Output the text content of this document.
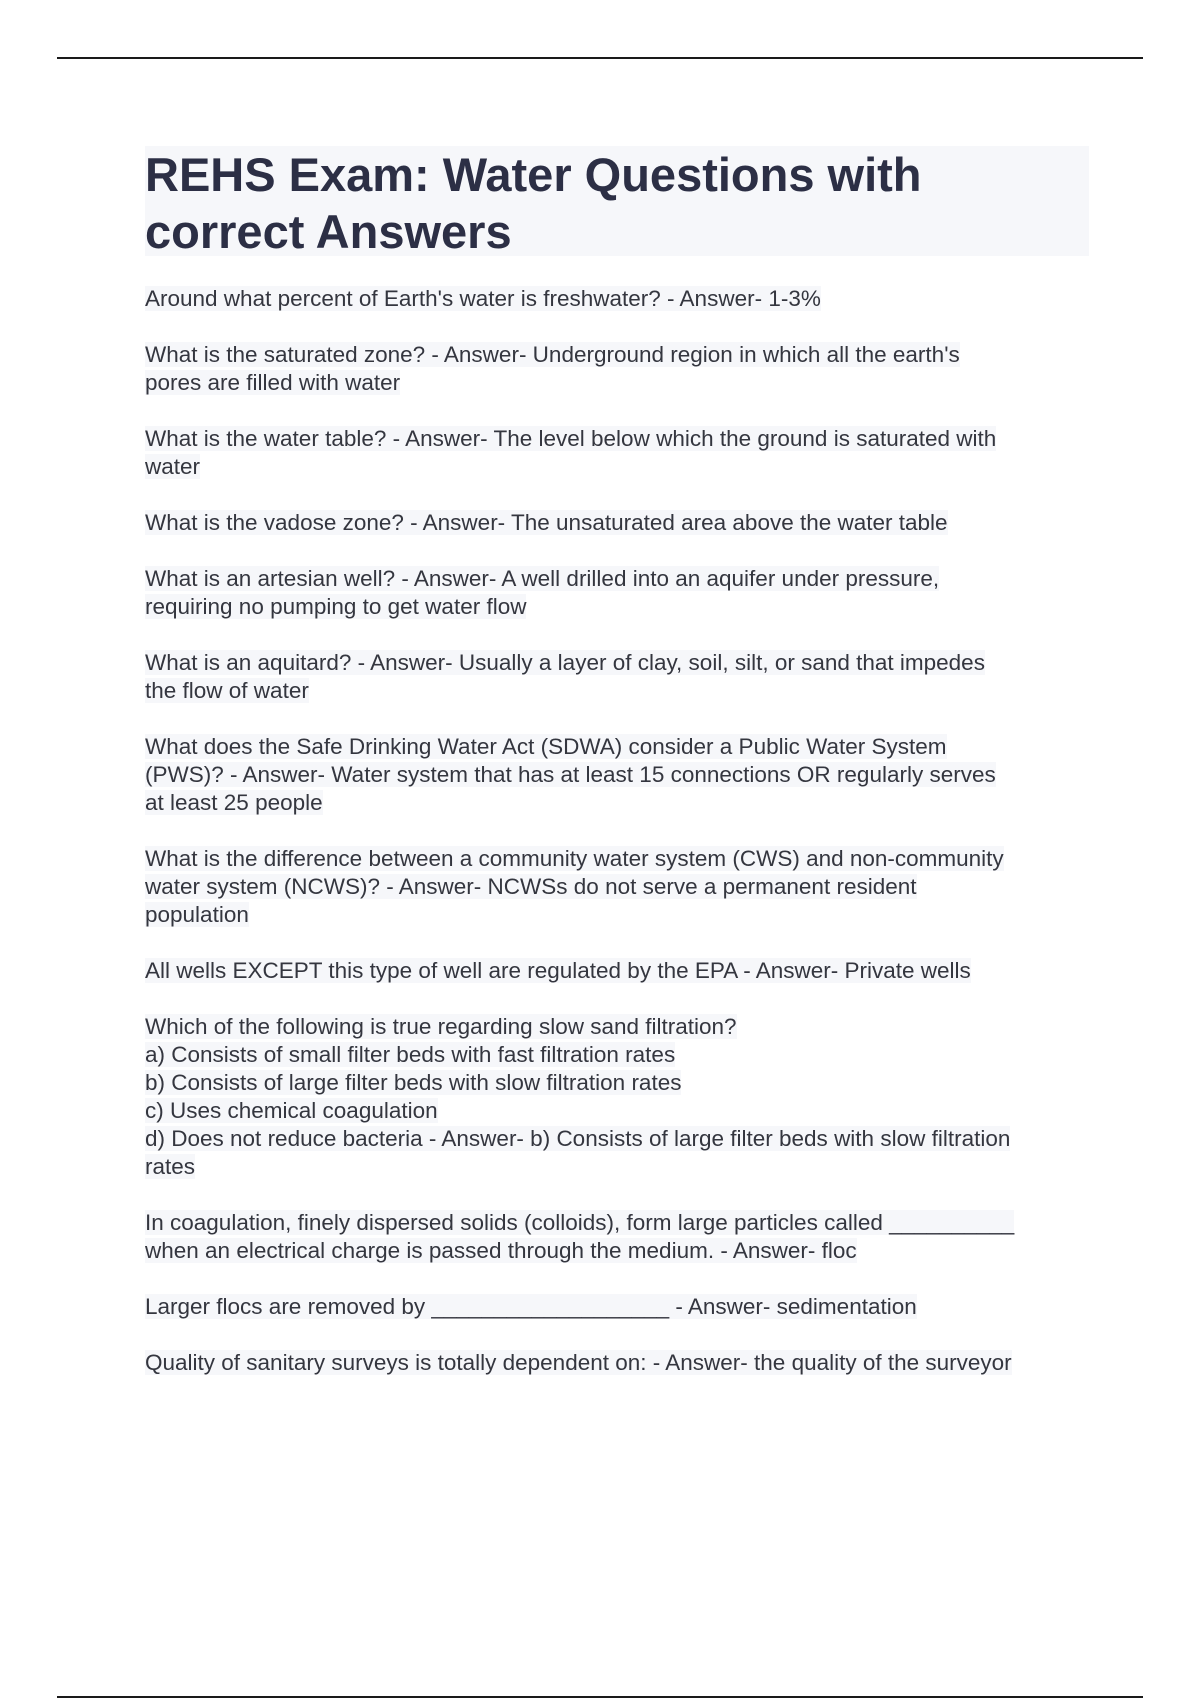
REHS Exam: Water Questions with correct Answers

Around what percent of Earth's water is freshwater? - Answer- 1-3%

What is the saturated zone? - Answer- Underground region in which all the earth's
pores are filled with water

What is the water table? - Answer- The level below which the ground is saturated with
water

What is the vadose zone? - Answer- The unsaturated area above the water table

What is an artesian well? - Answer- A well drilled into an aquifer under pressure,
requiring no pumping to get water flow

What is an aquitard? - Answer- Usually a layer of clay, soil, silt, or sand that impedes
the flow of water

What does the Safe Drinking Water Act (SDWA) consider a Public Water System
(PWS)? - Answer- Water system that has at least 15 connections OR regularly serves
at least 25 people

What is the difference between a community water system (CWS) and non-community
water system (NCWS)? - Answer- NCWSs do not serve a permanent resident
population

All wells EXCEPT this type of well are regulated by the EPA - Answer- Private wells

Which of the following is true regarding slow sand filtration?
a) Consists of small filter beds with fast filtration rates
b) Consists of large filter beds with slow filtration rates
c) Uses chemical coagulation
d) Does not reduce bacteria - Answer- b) Consists of large filter beds with slow filtration
rates

In coagulation, finely dispersed solids (colloids), form large particles called __________
when an electrical charge is passed through the medium. - Answer- floc

Larger flocs are removed by ___________________ - Answer- sedimentation

Quality of sanitary surveys is totally dependent on: - Answer- the quality of the surveyor
